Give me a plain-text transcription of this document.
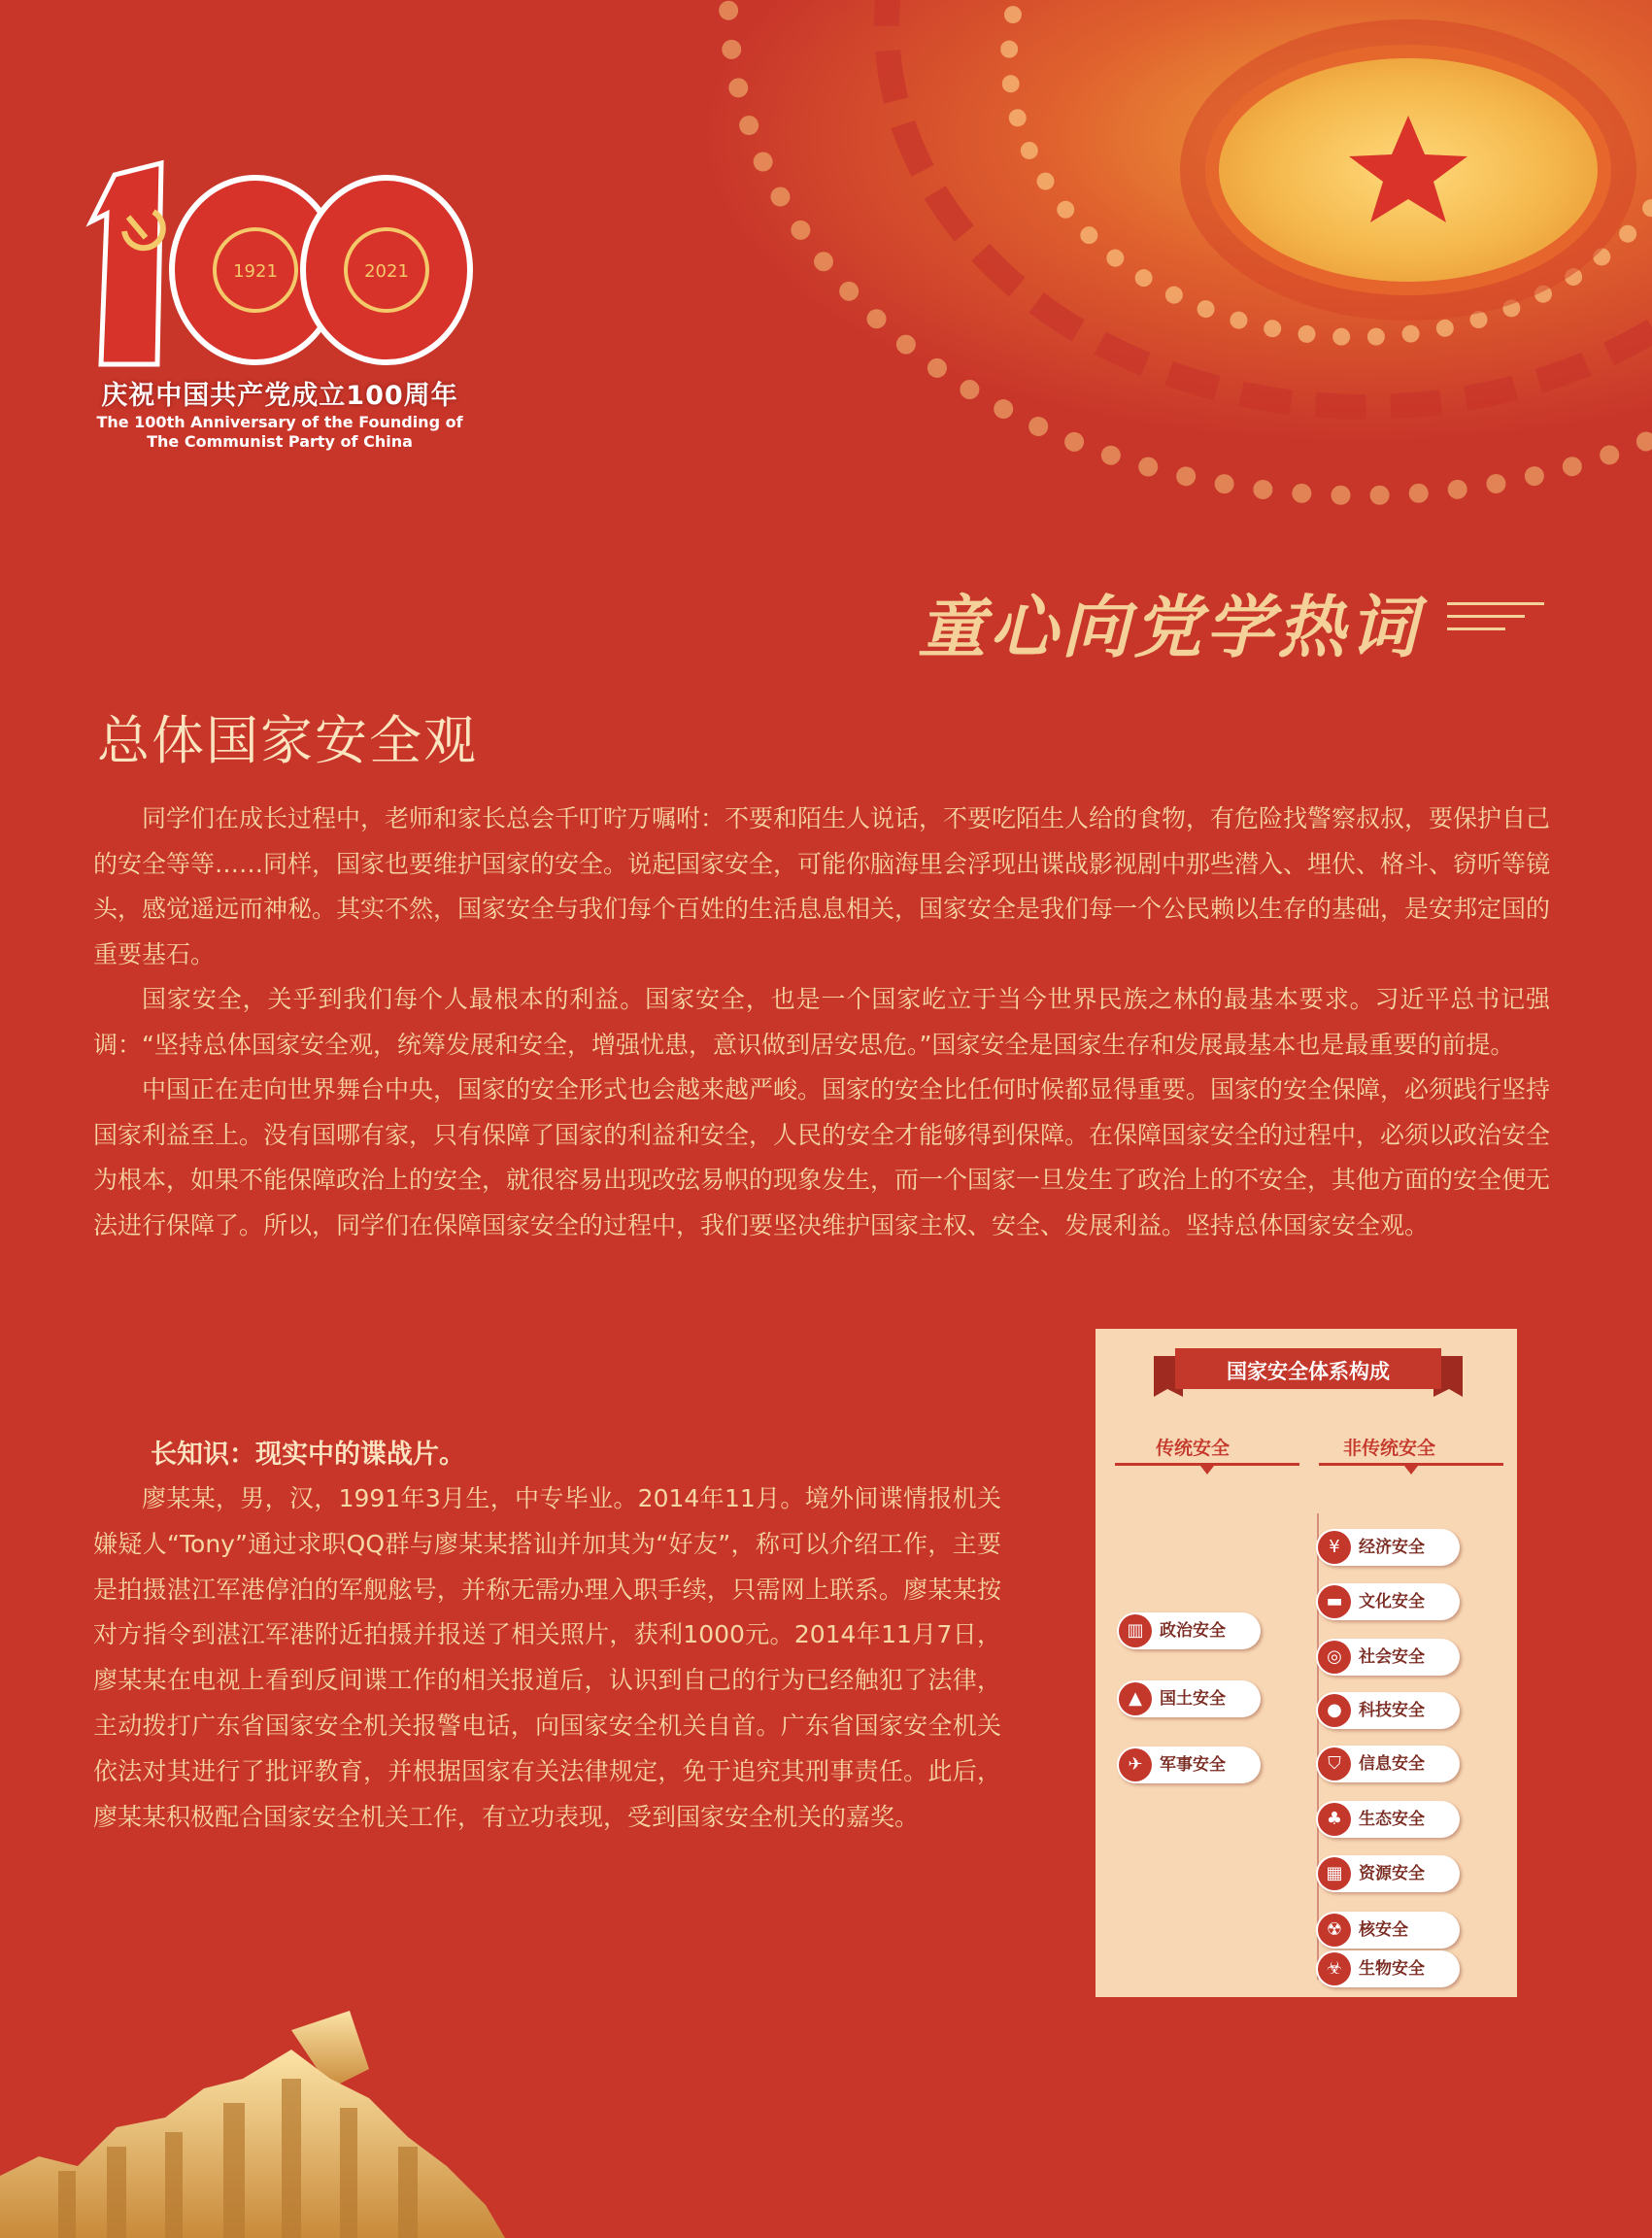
1921	2021
庆祝中国共产党成立100周年
The 100th Anniversary of the Founding of
The Communist Party of China
童心向党学热词
总体国家安全观

同学们在成长过程中，老师和家长总会千叮咛万嘱咐：不要和陌生人说话，不要吃陌生人给的食物，有危险找警察叔叔，要保护自己的安全等等……同样，国家也要维护国家的安全。说起国家安全，可能你脑海里会浮现出谍战影视剧中那些潜入、埋伏、格斗、窃听等镜头，感觉遥远而神秘。其实不然，国家安全与我们每个百姓的生活息息相关，国家安全是我们每一个公民赖以生存的基础，是安邦定国的重要基石。

国家安全，关乎到我们每个人最根本的利益。国家安全，也是一个国家屹立于当今世界民族之林的最基本要求。习近平总书记强调：“坚持总体国家安全观，统筹发展和安全，增强忧患，意识做到居安思危。”国家安全是国家生存和发展最基本也是最重要的前提。

中国正在走向世界舞台中央，国家的安全形式也会越来越严峻。国家的安全比任何时候都显得重要。国家的安全保障，必须践行坚持国家利益至上。没有国哪有家，只有保障了国家的利益和安全，人民的安全才能够得到保障。在保障国家安全的过程中，必须以政治安全为根本，如果不能保障政治上的安全，就很容易出现改弦易帜的现象发生，而一个国家一旦发生了政治上的不安全，其他方面的安全便无法进行保障了。所以，同学们在保障国家安全的过程中，我们要坚决维护国家主权、安全、发展利益。坚持总体国家安全观。

长知识：现实中的谍战片。

廖某某，男，汉，1991年3月生，中专毕业。2014年11月。境外间谍情报机关嫌疑人“Tony”通过求职QQ群与廖某某搭讪并加其为“好友”，称可以介绍工作，主要是拍摄湛江军港停泊的军舰舷号，并称无需办理入职手续，只需网上联系。廖某某按对方指令到湛江军港附近拍摄并报送了相关照片，获利1000元。2014年11月7日，廖某某在电视上看到反间谍工作的相关报道后，认识到自己的行为已经触犯了法律，主动拨打广东省国家安全机关报警电话，向国家安全机关自首。广东省国家安全机关依法对其进行了批评教育，并根据国家有关法律规定，免于追究其刑事责任。此后，廖某某积极配合国家安全机关工作，有立功表现，受到国家安全机关的嘉奖。

国家安全体系构成
传统安全	非传统安全
▥ 政治安全
▲	国土安全
✈	军事安全
¥	经济安全
▬ 文化安全
◎	社会安全
●	科技安全
⛉	信息安全
♣ 生态安全
▦ 资源安全
☢ 核安全
☣ 生物安全
